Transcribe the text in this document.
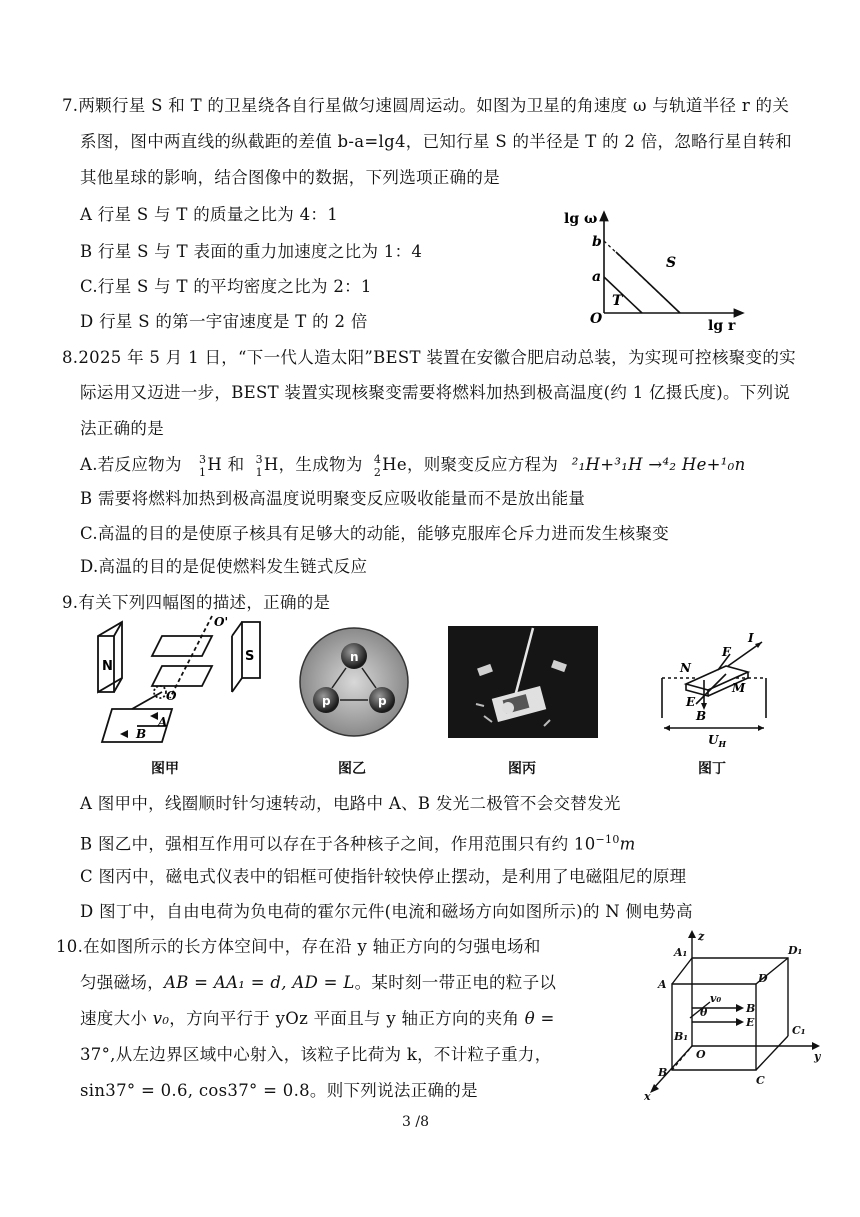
7.两颗行星 S 和 T 的卫星绕各自行星做匀速圆周运动。如图为卫星的角速度 ω 与轨道半径 r 的关
系图，图中两直线的纵截距的差值 b-a=lg4，已知行星 S 的半径是 T 的 2 倍，忽略行星自转和
其他星球的影响，结合图像中的数据，下列选项正确的是
A 行星 S 与 T 的质量之比为 4：1
B 行星 S 与 T 表面的重力加速度之比为 1：4
C.行星 S 与 T 的平均密度之比为 2：1
D 行星 S 的第一宇宙速度是 T 的 2 倍
lg ω
lg r
O
b
a
S
T
8.2025 年 5 月 1 日，“下一代人造太阳”BEST 装置在安徽合肥启动总装，为实现可控核聚变的实
际运用又迈进一步，BEST 装置实现核聚变需要将燃料加热到极高温度(约 1 亿摄氏度)。下列说
法正确的是
A.若反应物为 3
1 H 和 3
1 H，生成物为 4
2 He，则聚变反应方程为 ²₁H+³₁H →⁴₂ He+¹₀n
B 需要将燃料加热到极高温度说明聚变反应吸收能量而不是放出能量
C.高温的目的是使原子核具有足够大的动能，能够克服库仑斥力进而发生核聚变
D.高温的目的是促使燃料发生链式反应
9.有关下列四幅图的描述，正确的是
N
S
O
O'
A
B
n
p	p
I
F
N
M
E
B
$U_H$
图甲	图乙	图丙	图丁
A 图甲中，线圈顺时针匀速转动，电路中 A、B 发光二极管不会交替发光
B 图乙中，强相互作用可以存在于各种核子之间，作用范围只有约 $10^{-10}m$
C 图丙中，磁电式仪表中的铝框可使指针较快停止摆动，是利用了电磁阻尼的原理
D 图丁中，自由电荷为负电荷的霍尔元件(电流和磁场方向如图所示)的 N 侧电势高
10.在如图所示的长方体空间中，存在沿 y 轴正方向的匀强电场和
匀强磁场，AB = AA₁ = d, AD = L。某时刻一带正电的粒子以
速度大小 v₀，方向平行于 yOz 平面且与 y 轴正方向的夹角 θ =
37°,从左边界区域中心射入，该粒子比荷为 k，不计粒子重力，
sin37° = 0.6, cos37° = 0.8。则下列说法正确的是
z
y
x
O
A₁
A
B₁
B
C
C₁
D
D₁
v₀
θ
E
B
3 /8
